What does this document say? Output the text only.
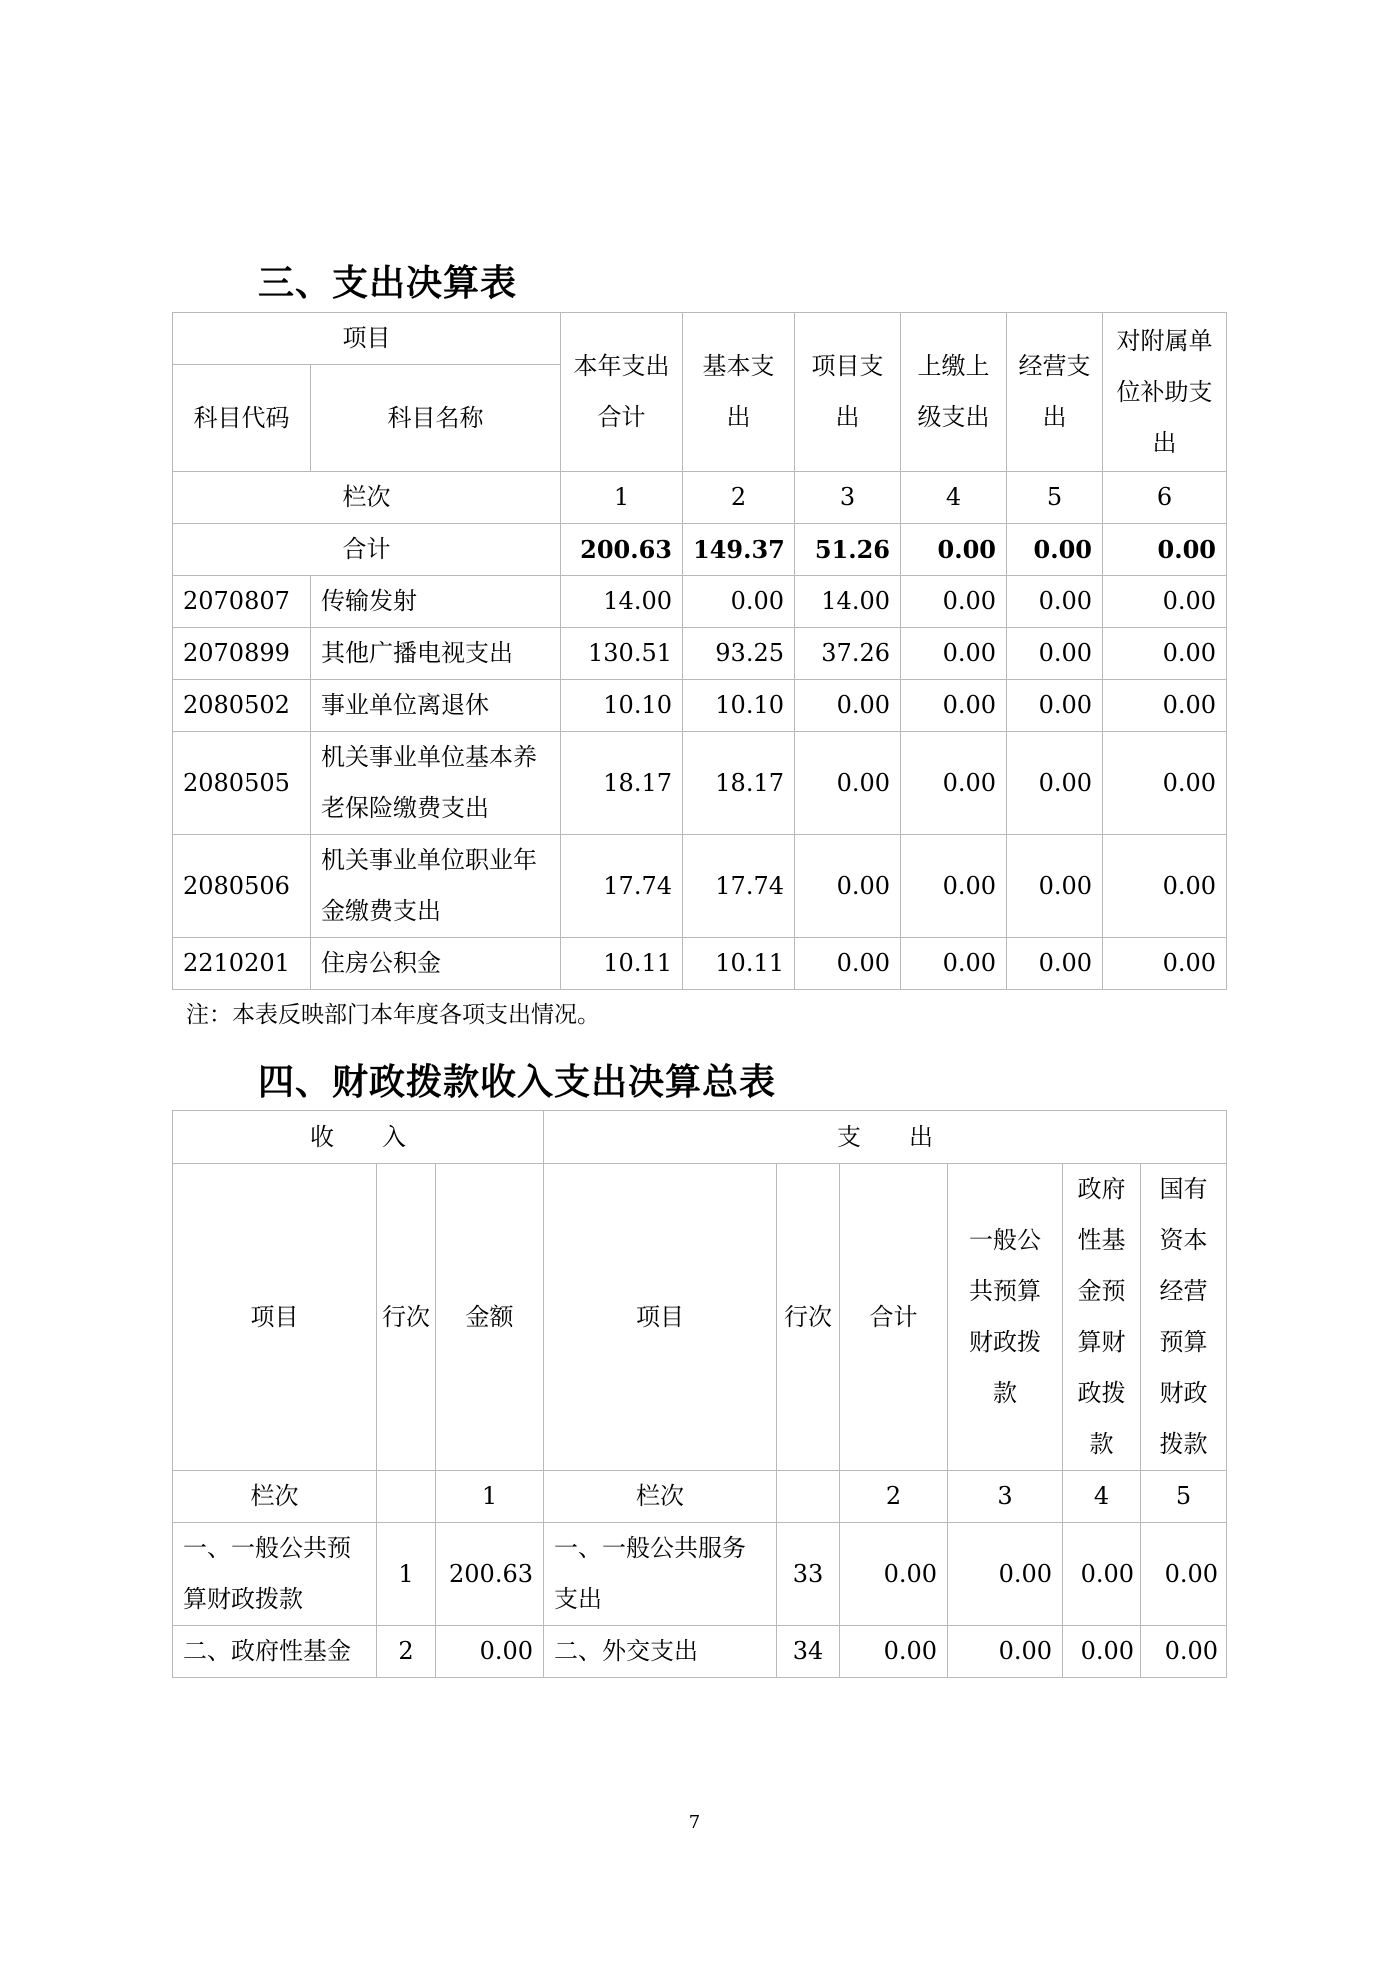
三、支出决算表
项目		本年支出合计	基本支出	项目支出	上缴上级支出	经营支出	对附属单位补助支出
科目代码	科目名称						
栏次		1	2	3	4	5	6
合计		200.63	149.37	51.26	0.00	0.00	0.00
2070807	传输发射	14.00	0.00	14.00	0.00	0.00	0.00
2070899	其他广播电视支出	130.51	93.25	37.26	0.00	0.00	0.00
2080502	事业单位离退休	10.10	10.10	0.00	0.00	0.00	0.00
2080505	机关事业单位基本养老保险缴费支出	18.17	18.17	0.00	0.00	0.00	0.00
2080506	机关事业单位职业年金缴费支出	17.74	17.74	0.00	0.00	0.00	0.00
2210201	住房公积金	10.11	10.11	0.00	0.00	0.00	0.00
注：本表反映部门本年度各项支出情况。
四、财政拨款收入支出决算总表
收　　入			支　　出					
项目	行次	金额	项目	行次	合计	一般公共预算财政拨款	政府性基金预算财政拨款	国有资本经营预算财政拨款
栏次		1	栏次		2	3	4	5
一、一般公共预算财政拨款	1	200.63	一、一般公共服务支出	33	0.00	0.00	0.00	0.00
二、政府性基金	2	0.00	二、外交支出	34	0.00	0.00	0.00	0.00
7
